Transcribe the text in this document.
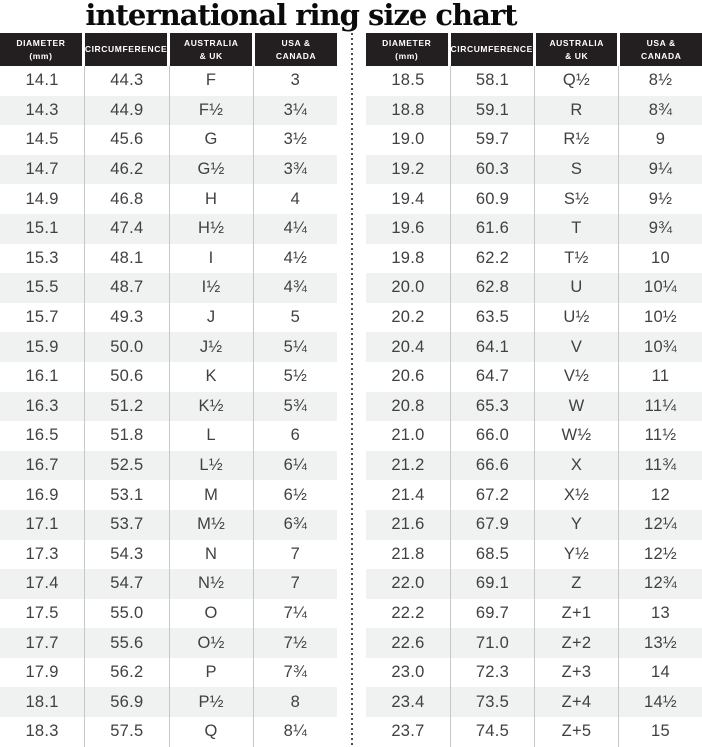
international ring size chart
DIAMETER
(mm)
CIRCUMFERENCE
AUSTRALIA
& UK
USA &
CANADA
14.1	44.3	F	3
14.3	44.9	F½	3¼
14.5	45.6	G	3½
14.7	46.2	G½	3¾
14.9	46.8	H	4
15.1	47.4	H½	4¼
15.3	48.1	I	4½
15.5	48.7	I½	4¾
15.7	49.3	J	5
15.9	50.0	J½	5¼
16.1	50.6	K	5½
16.3	51.2	K½	5¾
16.5	51.8	L	6
16.7	52.5	L½	6¼
16.9	53.1	M	6½
17.1	53.7	M½	6¾
17.3	54.3	N	7
17.4	54.7	N½	7
17.5	55.0	O	7¼
17.7	55.6	O½	7½
17.9	56.2	P	7¾
18.1	56.9	P½	8
18.3	57.5	Q	8¼
DIAMETER
(mm)
CIRCUMFERENCE
AUSTRALIA
& UK
USA &
CANADA
18.5	58.1	Q½	8½
18.8	59.1	R	8¾
19.0	59.7	R½	9
19.2	60.3	S	9¼
19.4	60.9	S½	9½
19.6	61.6	T	9¾
19.8	62.2	T½	10
20.0	62.8	U	10¼
20.2	63.5	U½	10½
20.4	64.1	V	10¾
20.6	64.7	V½	11
20.8	65.3	W	11¼
21.0	66.0	W½	11½
21.2	66.6	X	11¾
21.4	67.2	X½	12
21.6	67.9	Y	12¼
21.8	68.5	Y½	12½
22.0	69.1	Z	12¾
22.2	69.7	Z+1	13
22.6	71.0	Z+2	13½
23.0	72.3	Z+3	14
23.4	73.5	Z+4	14½
23.7	74.5	Z+5	15
